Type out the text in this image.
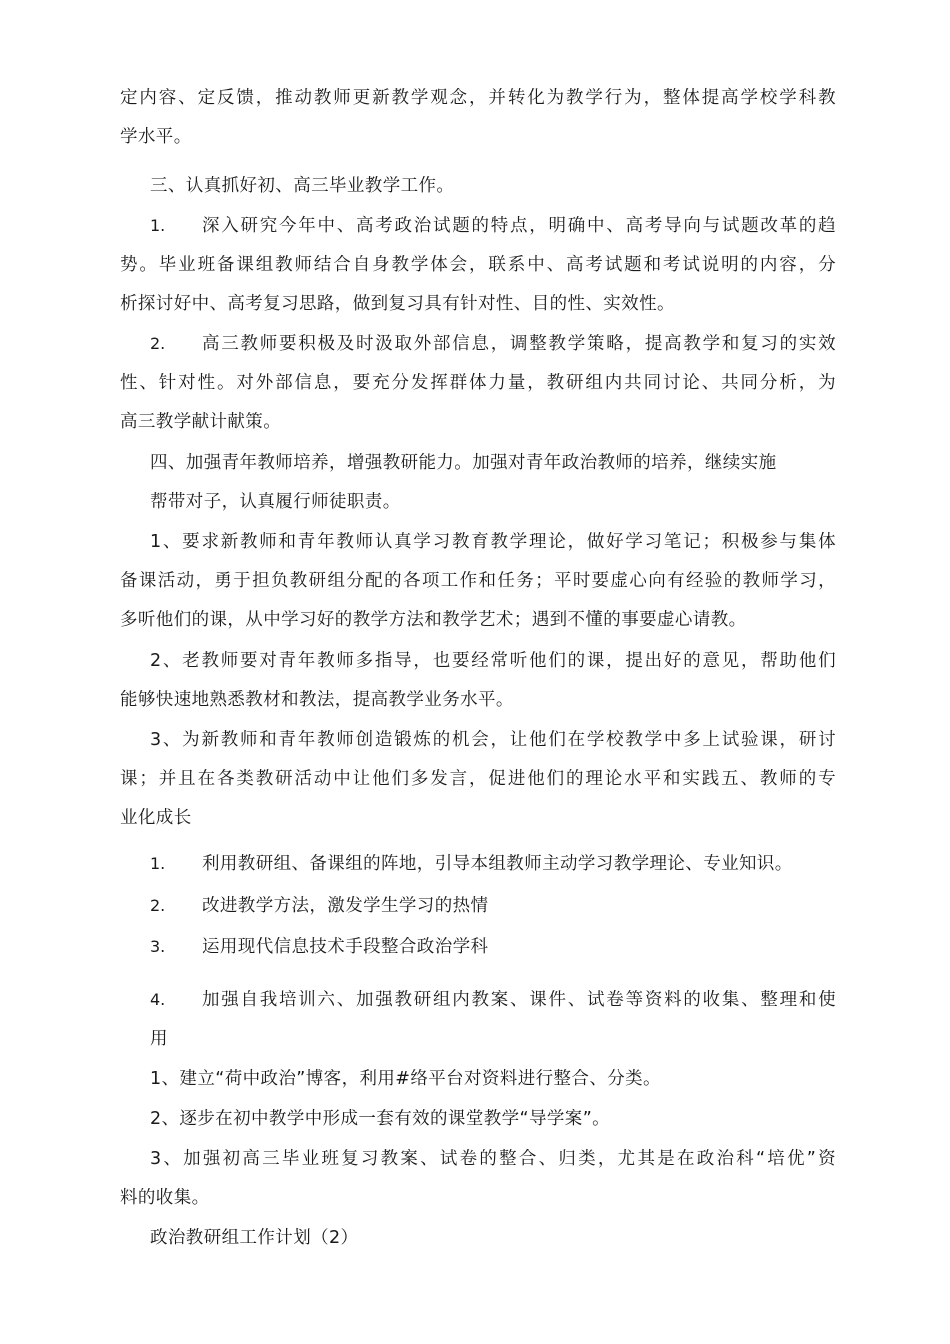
定内容、定反馈，推动教师更新教学观念，并转化为教学行为，整体提高学校学科教
学水平。
三、认真抓好初、高三毕业教学工作。
1. 深入研究今年中、高考政治试题的特点，明确中、高考导向与试题改革的趋
势。毕业班备课组教师结合自身教学体会，联系中、高考试题和考试说明的内容，分
析探讨好中、高考复习思路，做到复习具有针对性、目的性、实效性。
2. 高三教师要积极及时汲取外部信息，调整教学策略，提高教学和复习的实效
性、针对性。对外部信息，要充分发挥群体力量，教研组内共同讨论、共同分析，为
高三教学献计献策。
四、加强青年教师培养，增强教研能力。加强对青年政治教师的培养，继续实施
帮带对子，认真履行师徒职责。
1、要求新教师和青年教师认真学习教育教学理论，做好学习笔记；积极参与集体
备课活动，勇于担负教研组分配的各项工作和任务；平时要虚心向有经验的教师学习，
多听他们的课，从中学习好的教学方法和教学艺术；遇到不懂的事要虚心请教。
2、老教师要对青年教师多指导，也要经常听他们的课，提出好的意见，帮助他们
能够快速地熟悉教材和教法，提高教学业务水平。
3、为新教师和青年教师创造锻炼的机会，让他们在学校教学中多上试验课，研讨
课；并且在各类教研活动中让他们多发言，促进他们的理论水平和实践五、教师的专
业化成长
1. 利用教研组、备课组的阵地，引导本组教师主动学习教学理论、专业知识。
2. 改进教学方法，激发学生学习的热情
3. 运用现代信息技术手段整合政治学科
4. 加强自我培训六、加强教研组内教案、课件、试卷等资料的收集、整理和使
用
1、建立“荷中政治”博客，利用#络平台对资料进行整合、分类。
2、逐步在初中教学中形成一套有效的课堂教学“导学案”。
3、加强初高三毕业班复习教案、试卷的整合、归类，尤其是在政治科“培优”资
料的收集。
政治教研组工作计划（2）
